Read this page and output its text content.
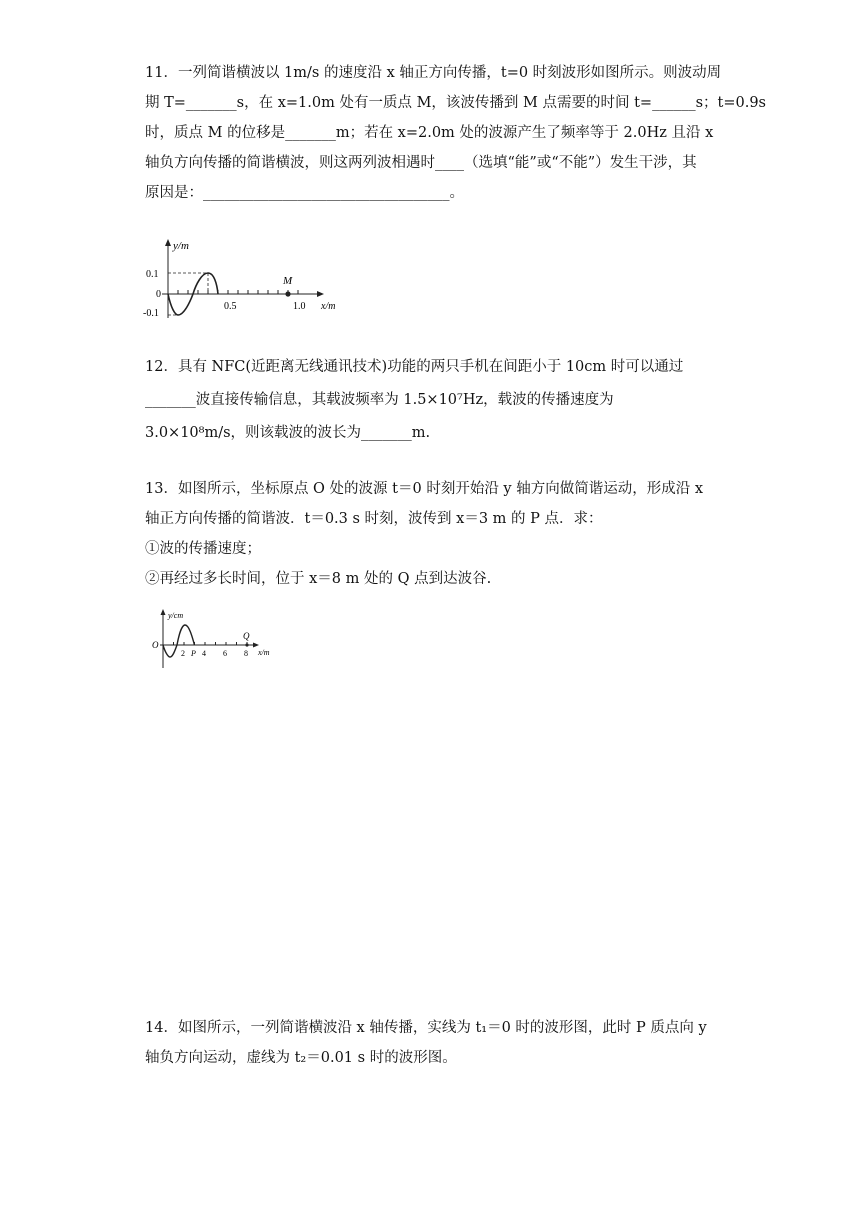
11．一列简谐横波以 1m/s 的速度沿 x 轴正方向传播，t=0 时刻波形如图所示。则波动周
期 T=_______s，在 x=1.0m 处有一质点 M，该波传播到 M 点需要的时间 t=______s；t=0.9s
时，质点 M 的位移是_______m；若在 x=2.0m 处的波源产生了频率等于 2.0Hz 且沿 x
轴负方向传播的简谐横波，则这两列波相遇时____（选填“能”或“不能”）发生干涉，其
原因是：__________________________________。
y/m
0.1
0
-0.1
0.5	1.0 x/m
M
12．具有 NFC(近距离无线通讯技术)功能的两只手机在间距小于 10cm 时可以通过
_______波直接传输信息，其载波频率为 1.5×10⁷Hz，载波的传播速度为
3.0×10⁸m/s，则该载波的波长为_______m.
13．如图所示，坐标原点 O 处的波源 t＝0 时刻开始沿 y 轴方向做简谐运动，形成沿 x
轴正方向传播的简谐波．t＝0.3 s 时刻，波传到 x＝3 m 的 P 点．求：
①波的传播速度；
②再经过多长时间，位于 x＝8 m 处的 Q 点到达波谷.
y/cm
O
2 P 4 6 8 x/m
Q
14．如图所示，一列简谐横波沿 x 轴传播，实线为 t₁＝0 时的波形图，此时 P 质点向 y
轴负方向运动，虚线为 t₂＝0.01 s 时的波形图。
